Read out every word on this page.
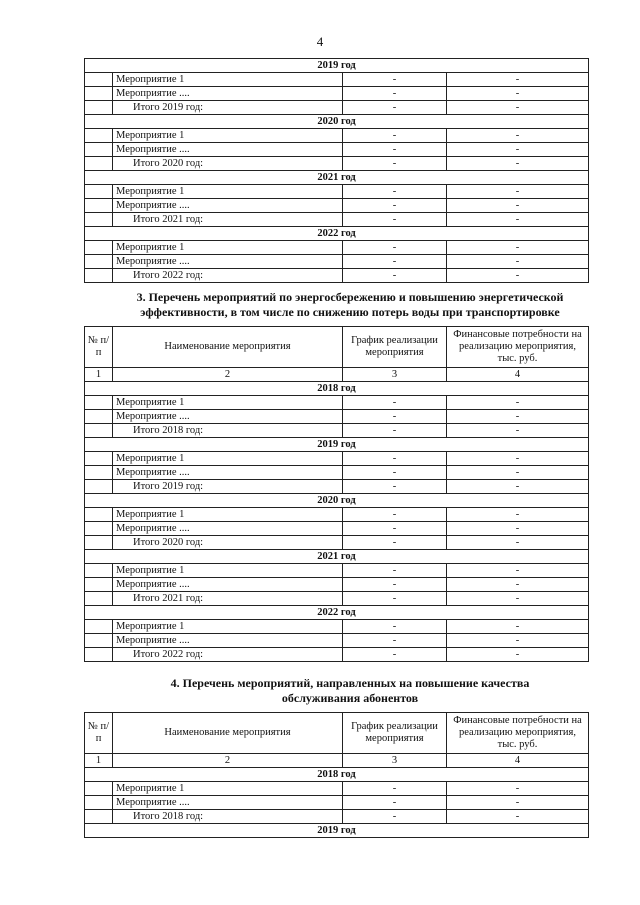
4
2019 год			
	Мероприятие 1	-	-
	Мероприятие ....	-	-
	Итого 2019 год:	-	-
2020 год			
	Мероприятие 1	-	-
	Мероприятие ....	-	-
	Итого 2020 год:	-	-
2021 год			
	Мероприятие 1	-	-
	Мероприятие ....	-	-
	Итого 2021 год:	-	-
2022 год			
	Мероприятие 1	-	-
	Мероприятие ....	-	-
	Итого 2022 год:	-	-
3. Перечень мероприятий по энергосбережению и повышению энергетической эффективности, в том числе по снижению потерь воды при транспортировке
№ п/п	Наименование мероприятия	График реализации мероприятия	Финансовые потребности на реализацию мероприятия, тыс. руб.
1	2	3	4
2018 год			
	Мероприятие 1	-	-
	Мероприятие ....	-	-
	Итого 2018 год:	-	-
2019 год			
	Мероприятие 1	-	-
	Мероприятие ....	-	-
	Итого 2019 год:	-	-
2020 год			
	Мероприятие 1	-	-
	Мероприятие ....	-	-
	Итого 2020 год:	-	-
2021 год			
	Мероприятие 1	-	-
	Мероприятие ....	-	-
	Итого 2021 год:	-	-
2022 год			
	Мероприятие 1	-	-
	Мероприятие ....	-	-
	Итого 2022 год:	-	-
4. Перечень мероприятий, направленных на повышение качества обслуживания абонентов
№ п/п	Наименование мероприятия	График реализации мероприятия	Финансовые потребности на реализацию мероприятия, тыс. руб.
1	2	3	4
2018 год			
	Мероприятие 1	-	-
	Мероприятие ....	-	-
	Итого 2018 год:	-	-
2019 год			
